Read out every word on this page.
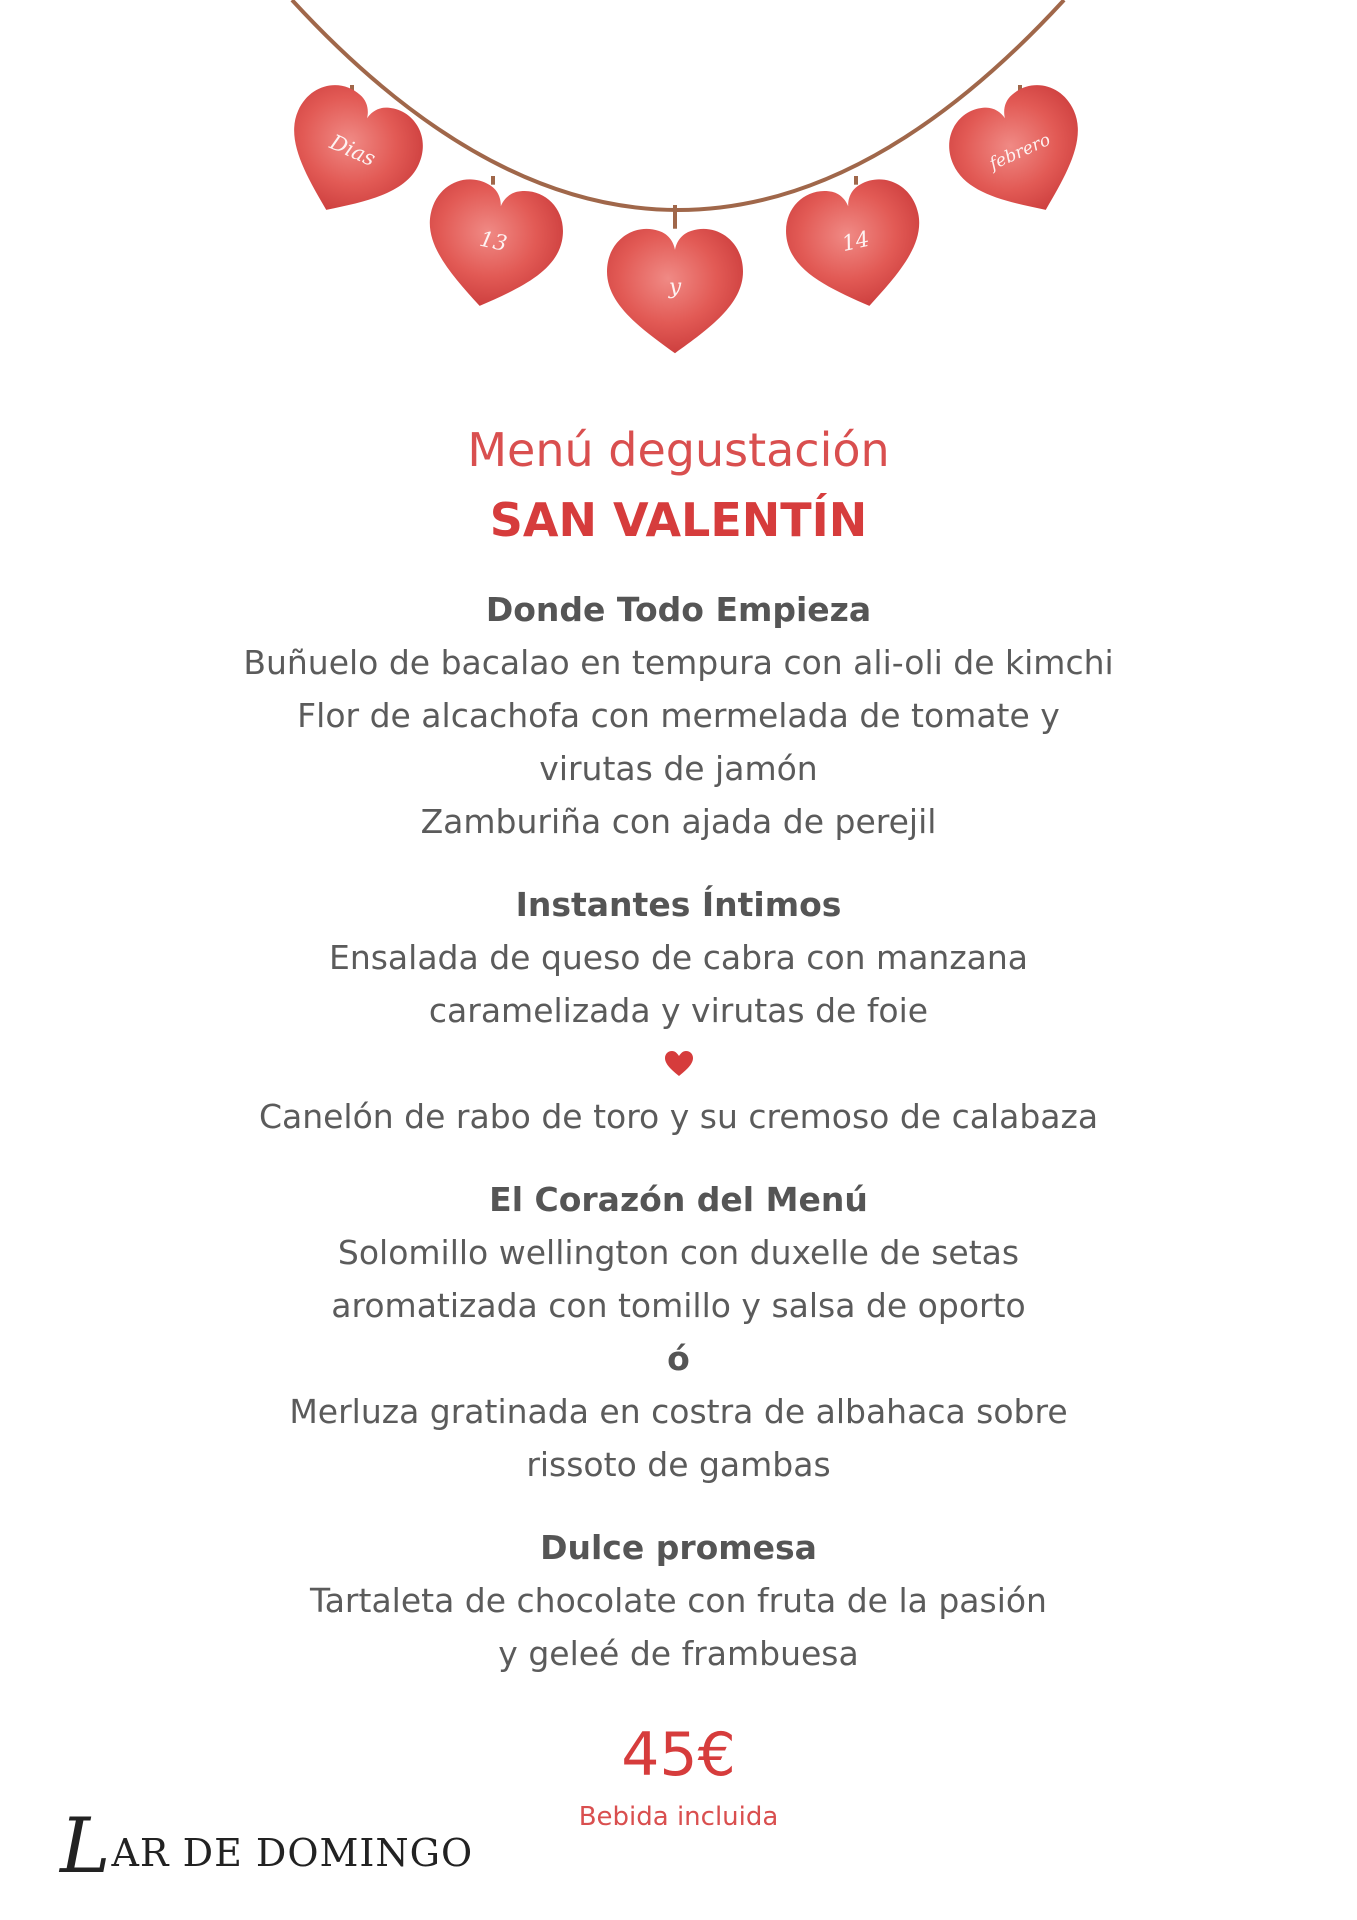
Dias
13
y
14
febrero
Menú degustación
SAN VALENTÍN
Donde Todo Empieza
Buñuelo de bacalao en tempura con ali-oli de kimchi
Flor de alcachofa con mermelada de tomate y
virutas de jamón
Zamburiña con ajada de perejil
Instantes Íntimos
Ensalada de queso de cabra con manzana
caramelizada y virutas de foie
Canelón de rabo de toro y su cremoso de calabaza
El Corazón del Menú
Solomillo wellington con duxelle de setas
aromatizada con tomillo y salsa de oporto
ó
Merluza gratinada en costra de albahaca sobre
rissoto de gambas
Dulce promesa
Tartaleta de chocolate con fruta de la pasión
y geleé de frambuesa
45€
Bebida incluida
LAR DE DOMINGO
